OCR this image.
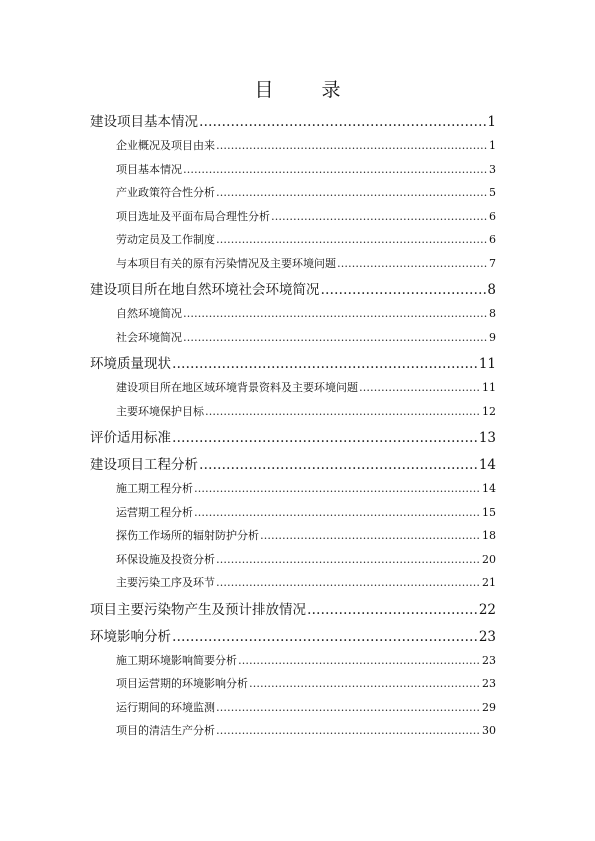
目	录
建设项目基本情况 ……………………………………………………………………………………………………………………………………………………………	1
企业概况及项目由来 ……………………………………………………………………………………………………………………………………………………………	1
项目基本情况 ……………………………………………………………………………………………………………………………………………………………	3
产业政策符合性分析 ……………………………………………………………………………………………………………………………………………………………	5
项目选址及平面布局合理性分析 ……………………………………………………………………………………………………………………………………………………………	6
劳动定员及工作制度 ……………………………………………………………………………………………………………………………………………………………	6
与本项目有关的原有污染情况及主要环境问题 ……………………………………………………………………………………………………………………………………………………………	7
建设项目所在地自然环境社会环境简况 ……………………………………………………………………………………………………………………………………………………………	8
自然环境简况 ……………………………………………………………………………………………………………………………………………………………	8
社会环境简况 ……………………………………………………………………………………………………………………………………………………………	9
环境质量现状 ……………………………………………………………………………………………………………………………………………………………	11
建设项目所在地区域环境背景资料及主要环境问题 ……………………………………………………………………………………………………………………………………………………………	11
主要环境保护目标 ……………………………………………………………………………………………………………………………………………………………	12
评价适用标准 ……………………………………………………………………………………………………………………………………………………………	13
建设项目工程分析 ……………………………………………………………………………………………………………………………………………………………	14
施工期工程分析 ……………………………………………………………………………………………………………………………………………………………	14
运营期工程分析 ……………………………………………………………………………………………………………………………………………………………	15
探伤工作场所的辐射防护分析 ……………………………………………………………………………………………………………………………………………………………	18
环保设施及投资分析 ……………………………………………………………………………………………………………………………………………………………	20
主要污染工序及环节 ……………………………………………………………………………………………………………………………………………………………	21
项目主要污染物产生及预计排放情况 ……………………………………………………………………………………………………………………………………………………………	22
环境影响分析 ……………………………………………………………………………………………………………………………………………………………	23
施工期环境影响简要分析 ……………………………………………………………………………………………………………………………………………………………	23
项目运营期的环境影响分析 ……………………………………………………………………………………………………………………………………………………………	23
运行期间的环境监测 ……………………………………………………………………………………………………………………………………………………………	29
项目的清洁生产分析 ……………………………………………………………………………………………………………………………………………………………	30
